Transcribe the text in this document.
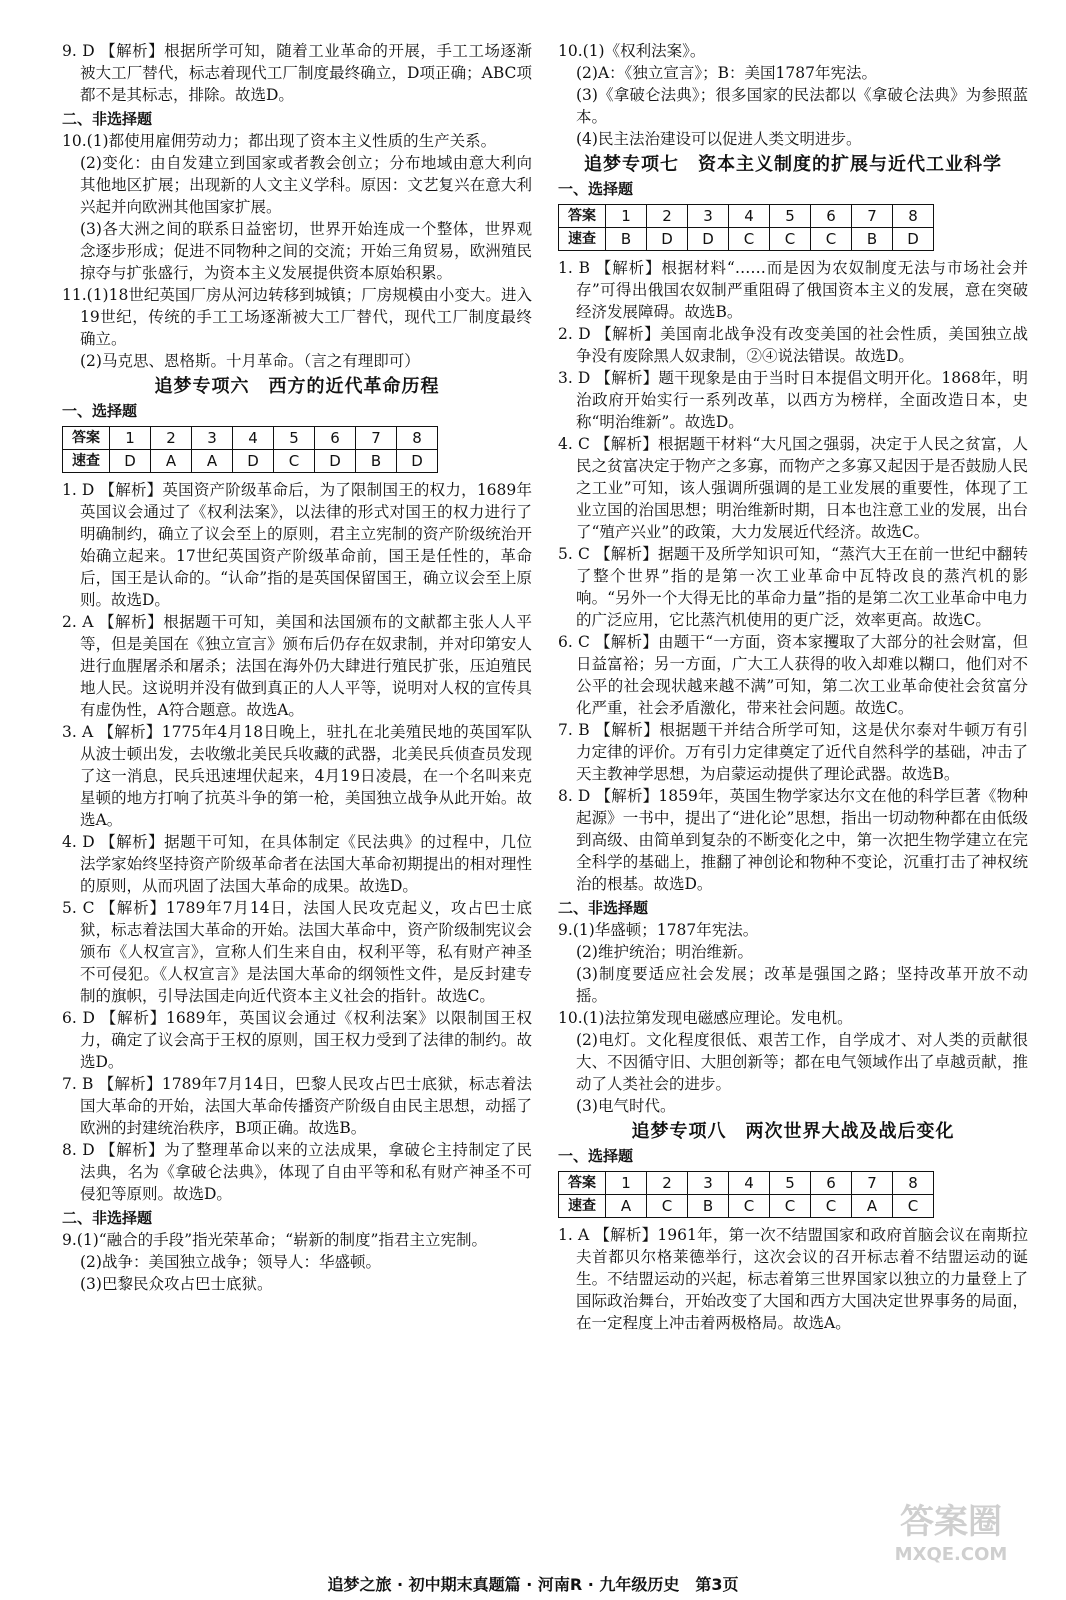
9. D 【解析】根据所学可知，随着工业革命的开展，手工工场逐渐被大工厂替代，标志着现代工厂制度最终确立，D项正确；ABC项都不是其标志，排除。故选D。

二、非选择题

10.(1)都使用雇佣劳动力；都出现了资本主义性质的生产关系。

(2)变化：由自发建立到国家或者教会创立；分布地域由意大利向其他地区扩展；出现新的人文主义学科。原因：文艺复兴在意大利兴起并向欧洲其他国家扩展。

(3)各大洲之间的联系日益密切，世界开始连成一个整体，世界观念逐步形成；促进不同物种之间的交流；开始三角贸易，欧洲殖民掠夺与扩张盛行，为资本主义发展提供资本原始积累。

11.(1)18世纪英国厂房从河边转移到城镇；厂房规模由小变大。进入19世纪，传统的手工工场逐渐被大工厂替代，现代工厂制度最终确立。

(2)马克思、恩格斯。十月革命。（言之有理即可）

追梦专项六　西方的近代革命历程
一、选择题
答案	1	2	3	4	5	6	7	8
速查	D	A	A	D	C	D	B	D

1. D 【解析】英国资产阶级革命后，为了限制国王的权力，1689年英国议会通过了《权利法案》，以法律的形式对国王的权力进行了明确制约，确立了议会至上的原则，君主立宪制的资产阶级统治开始确立起来。17世纪英国资产阶级革命前，国王是任性的，革命后，国王是认命的。“认命”指的是英国保留国王，确立议会至上原则。故选D。

2. A 【解析】根据题干可知，美国和法国颁布的文献都主张人人平等，但是美国在《独立宣言》颁布后仍存在奴隶制，并对印第安人进行血腥屠杀和屠杀；法国在海外仍大肆进行殖民扩张，压迫殖民地人民。这说明并没有做到真正的人人平等，说明对人权的宣传具有虚伪性，A符合题意。故选A。

3. A 【解析】1775年4月18日晚上，驻扎在北美殖民地的英国军队从波士顿出发，去收缴北美民兵收藏的武器，北美民兵侦查员发现了这一消息，民兵迅速埋伏起来，4月19日凌晨，在一个名叫来克星顿的地方打响了抗英斗争的第一枪，美国独立战争从此开始。故选A。

4. D 【解析】据题干可知，在具体制定《民法典》的过程中，几位法学家始终坚持资产阶级革命者在法国大革命初期提出的相对理性的原则，从而巩固了法国大革命的成果。故选D。

5. C 【解析】1789年7月14日，法国人民攻克起义，攻占巴士底狱，标志着法国大革命的开始。法国大革命中，资产阶级制宪议会颁布《人权宣言》，宣称人们生来自由，权利平等，私有财产神圣不可侵犯。《人权宣言》是法国大革命的纲领性文件，是反封建专制的旗帜，引导法国走向近代资本主义社会的指针。故选C。

6. D 【解析】1689年，英国议会通过《权利法案》以限制国王权力，确定了议会高于王权的原则，国王权力受到了法律的制约。故选D。

7. B 【解析】1789年7月14日，巴黎人民攻占巴士底狱，标志着法国大革命的开始，法国大革命传播资产阶级自由民主思想，动摇了欧洲的封建统治秩序，B项正确。故选B。

8. D 【解析】为了整理革命以来的立法成果，拿破仑主持制定了民法典，名为《拿破仑法典》，体现了自由平等和私有财产神圣不可侵犯等原则。故选D。

二、非选择题

9.(1)“融合的手段”指光荣革命；“崭新的制度”指君主立宪制。

(2)战争：美国独立战争；领导人：华盛顿。

(3)巴黎民众攻占巴士底狱。

10.(1)《权利法案》。

(2)A：《独立宣言》；B：美国1787年宪法。

(3)《拿破仑法典》；很多国家的民法都以《拿破仑法典》为参照蓝本。

(4)民主法治建设可以促进人类文明进步。

追梦专项七　资本主义制度的扩展与近代工业科学
一、选择题
答案	1	2	3	4	5	6	7	8
速查	B	D	D	C	C	C	B	D

1. B 【解析】根据材料“……而是因为农奴制度无法与市场社会并存”可得出俄国农奴制严重阻碍了俄国资本主义的发展，意在突破经济发展障碍。故选B。

2. D 【解析】美国南北战争没有改变美国的社会性质，美国独立战争没有废除黑人奴隶制，②④说法错误。故选D。

3. D 【解析】题干现象是由于当时日本提倡文明开化。1868年，明治政府开始实行一系列改革，以西方为榜样，全面改造日本，史称“明治维新”。故选D。

4. C 【解析】根据题干材料“大凡国之强弱，决定于人民之贫富，人民之贫富决定于物产之多寡，而物产之多寡又起因于是否鼓励人民之工业”可知，该人强调所强调的是工业发展的重要性，体现了工业立国的治国思想；明治维新时期，日本也注意工业的发展，出台了“殖产兴业”的政策，大力发展近代经济。故选C。

5. C 【解析】据题干及所学知识可知，“蒸汽大王在前一世纪中翻转了整个世界”指的是第一次工业革命中瓦特改良的蒸汽机的影响。“另外一个大得无比的革命力量”指的是第二次工业革命中电力的广泛应用，它比蒸汽机使用的更广泛，效率更高。故选C。

6. C 【解析】由题干“一方面，资本家攫取了大部分的社会财富，但日益富裕；另一方面，广大工人获得的收入却难以糊口，他们对不公平的社会现状越来越不满”可知，第二次工业革命使社会贫富分化严重，社会矛盾激化，带来社会问题。故选C。

7. B 【解析】根据题干并结合所学可知，这是伏尔泰对牛顿万有引力定律的评价。万有引力定律奠定了近代自然科学的基础，冲击了天主教神学思想，为启蒙运动提供了理论武器。故选B。

8. D 【解析】1859年，英国生物学家达尔文在他的科学巨著《物种起源》一书中，提出了“进化论”思想，指出一切动物种都在由低级到高级、由简单到复杂的不断变化之中，第一次把生物学建立在完全科学的基础上，推翻了神创论和物种不变论，沉重打击了神权统治的根基。故选D。

二、非选择题

9.(1)华盛顿；1787年宪法。

(2)维护统治；明治维新。

(3)制度要适应社会发展；改革是强国之路；坚持改革开放不动摇。

10.(1)法拉第发现电磁感应理论。发电机。

(2)电灯。文化程度很低、艰苦工作，自学成才、对人类的贡献很大、不因循守旧、大胆创新等；都在电气领域作出了卓越贡献，推动了人类社会的进步。

(3)电气时代。

追梦专项八　两次世界大战及战后变化
一、选择题
答案	1	2	3	4	5	6	7	8
速查	A	C	B	C	C	C	A	C

1. A 【解析】1961年，第一次不结盟国家和政府首脑会议在南斯拉夫首都贝尔格莱德举行，这次会议的召开标志着不结盟运动的诞生。不结盟运动的兴起，标志着第三世界国家以独立的力量登上了国际政治舞台，开始改变了大国和西方大国决定世界事务的局面，在一定程度上冲击着两极格局。故选A。

追梦之旅 · 初中期末真题篇 · 河南R · 九年级历史　第3页
答案圈
MXQE.COM
